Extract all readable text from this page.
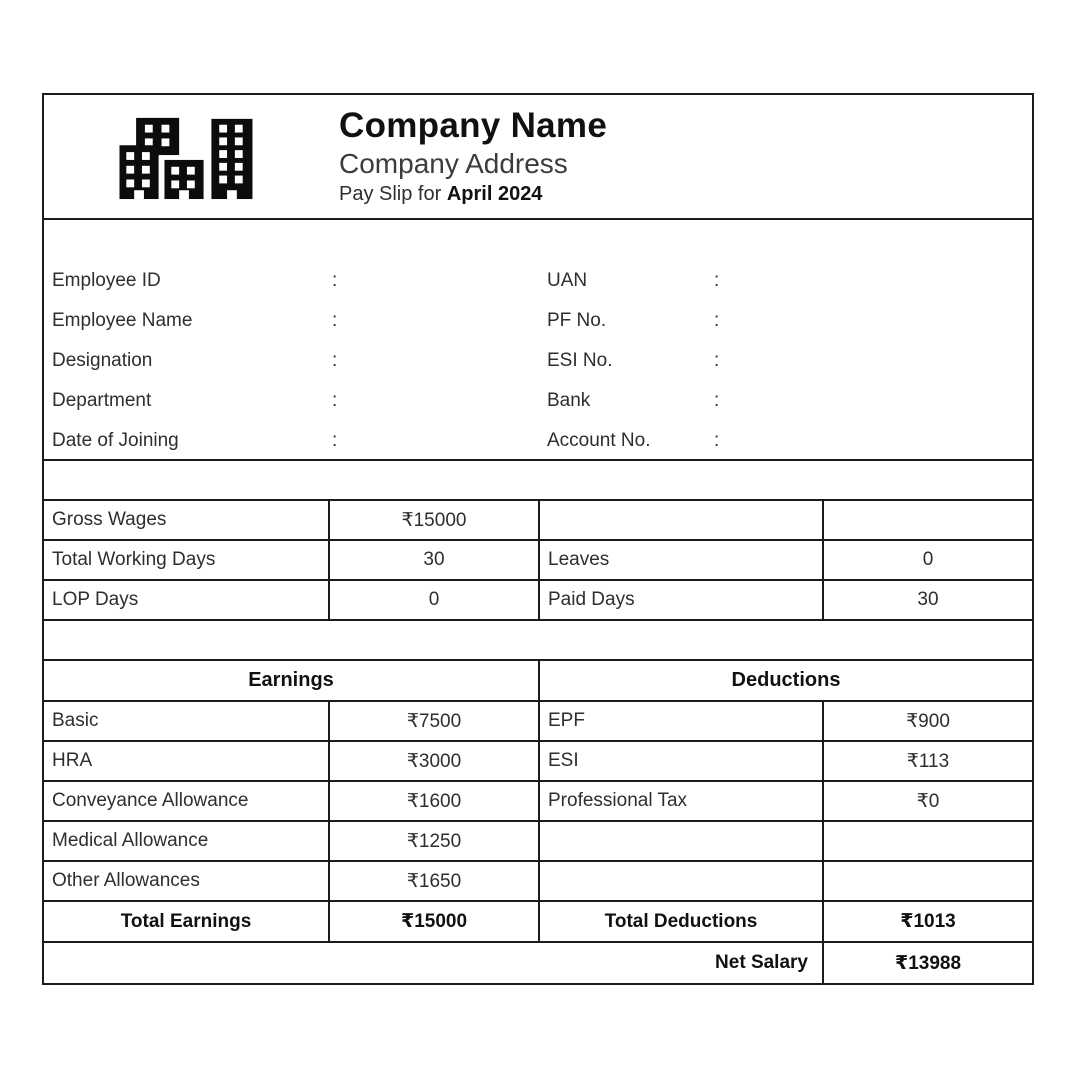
Company Name
Company Address
Pay Slip for April 2024
Employee ID	:
Employee Name	:
Designation	:
Department	:
Date of Joining	:
UAN	:
PF No.	:
ESI No.	:
Bank	:
Account No.	:
Gross Wages	₹15000
Total Working Days	30	Leaves	0
LOP Days	0	Paid Days	30
Earnings	Deductions
Basic	₹7500	EPF	₹900
HRA	₹3000	ESI	₹113
Conveyance Allowance	₹1600	Professional Tax	₹0
Medical Allowance	₹1250
Other Allowances	₹1650
Total Earnings	₹15000	Total Deductions	₹1013
Net Salary	₹13988
